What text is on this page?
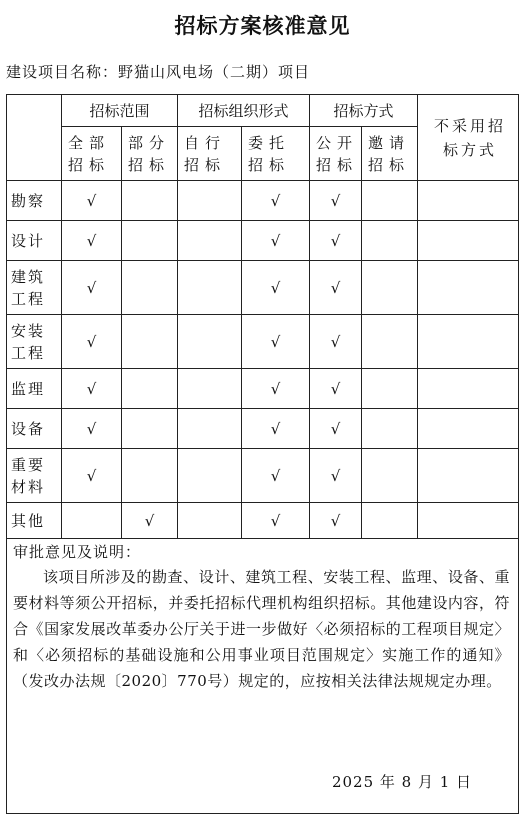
招标方案核准意见
建设项目名称：野猫山风电场（二期）项目
	招标范围		招标组织形式		招标方式		不采用招标方式
	全部招标	部分招标	自行招标	委托招标	公开招标	邀请招标	
勘察	√			√	√		
设计	√			√	√		
建筑工程	√			√	√		
安装工程	√			√	√		
监理	√			√	√		
设备	√			√	√		
重要材料	√			√	√		
其他		√		√	√		

审批意见及说明：
该项目所涉及的勘查、设计、建筑工程、安装工程、监理、设备、重要材料等须公开招标，并委托招标代理机构组织招标。其他建设内容，符合《国家发展改革委办公厅关于进一步做好〈必须招标的工程项目规定〉和〈必须招标的基础设施和公用事业项目范围规定〉实施工作的通知》（发改办法规〔2020〕770号）规定的，应按相关法律法规规定办理。
2025 年 8 月 1 日							
